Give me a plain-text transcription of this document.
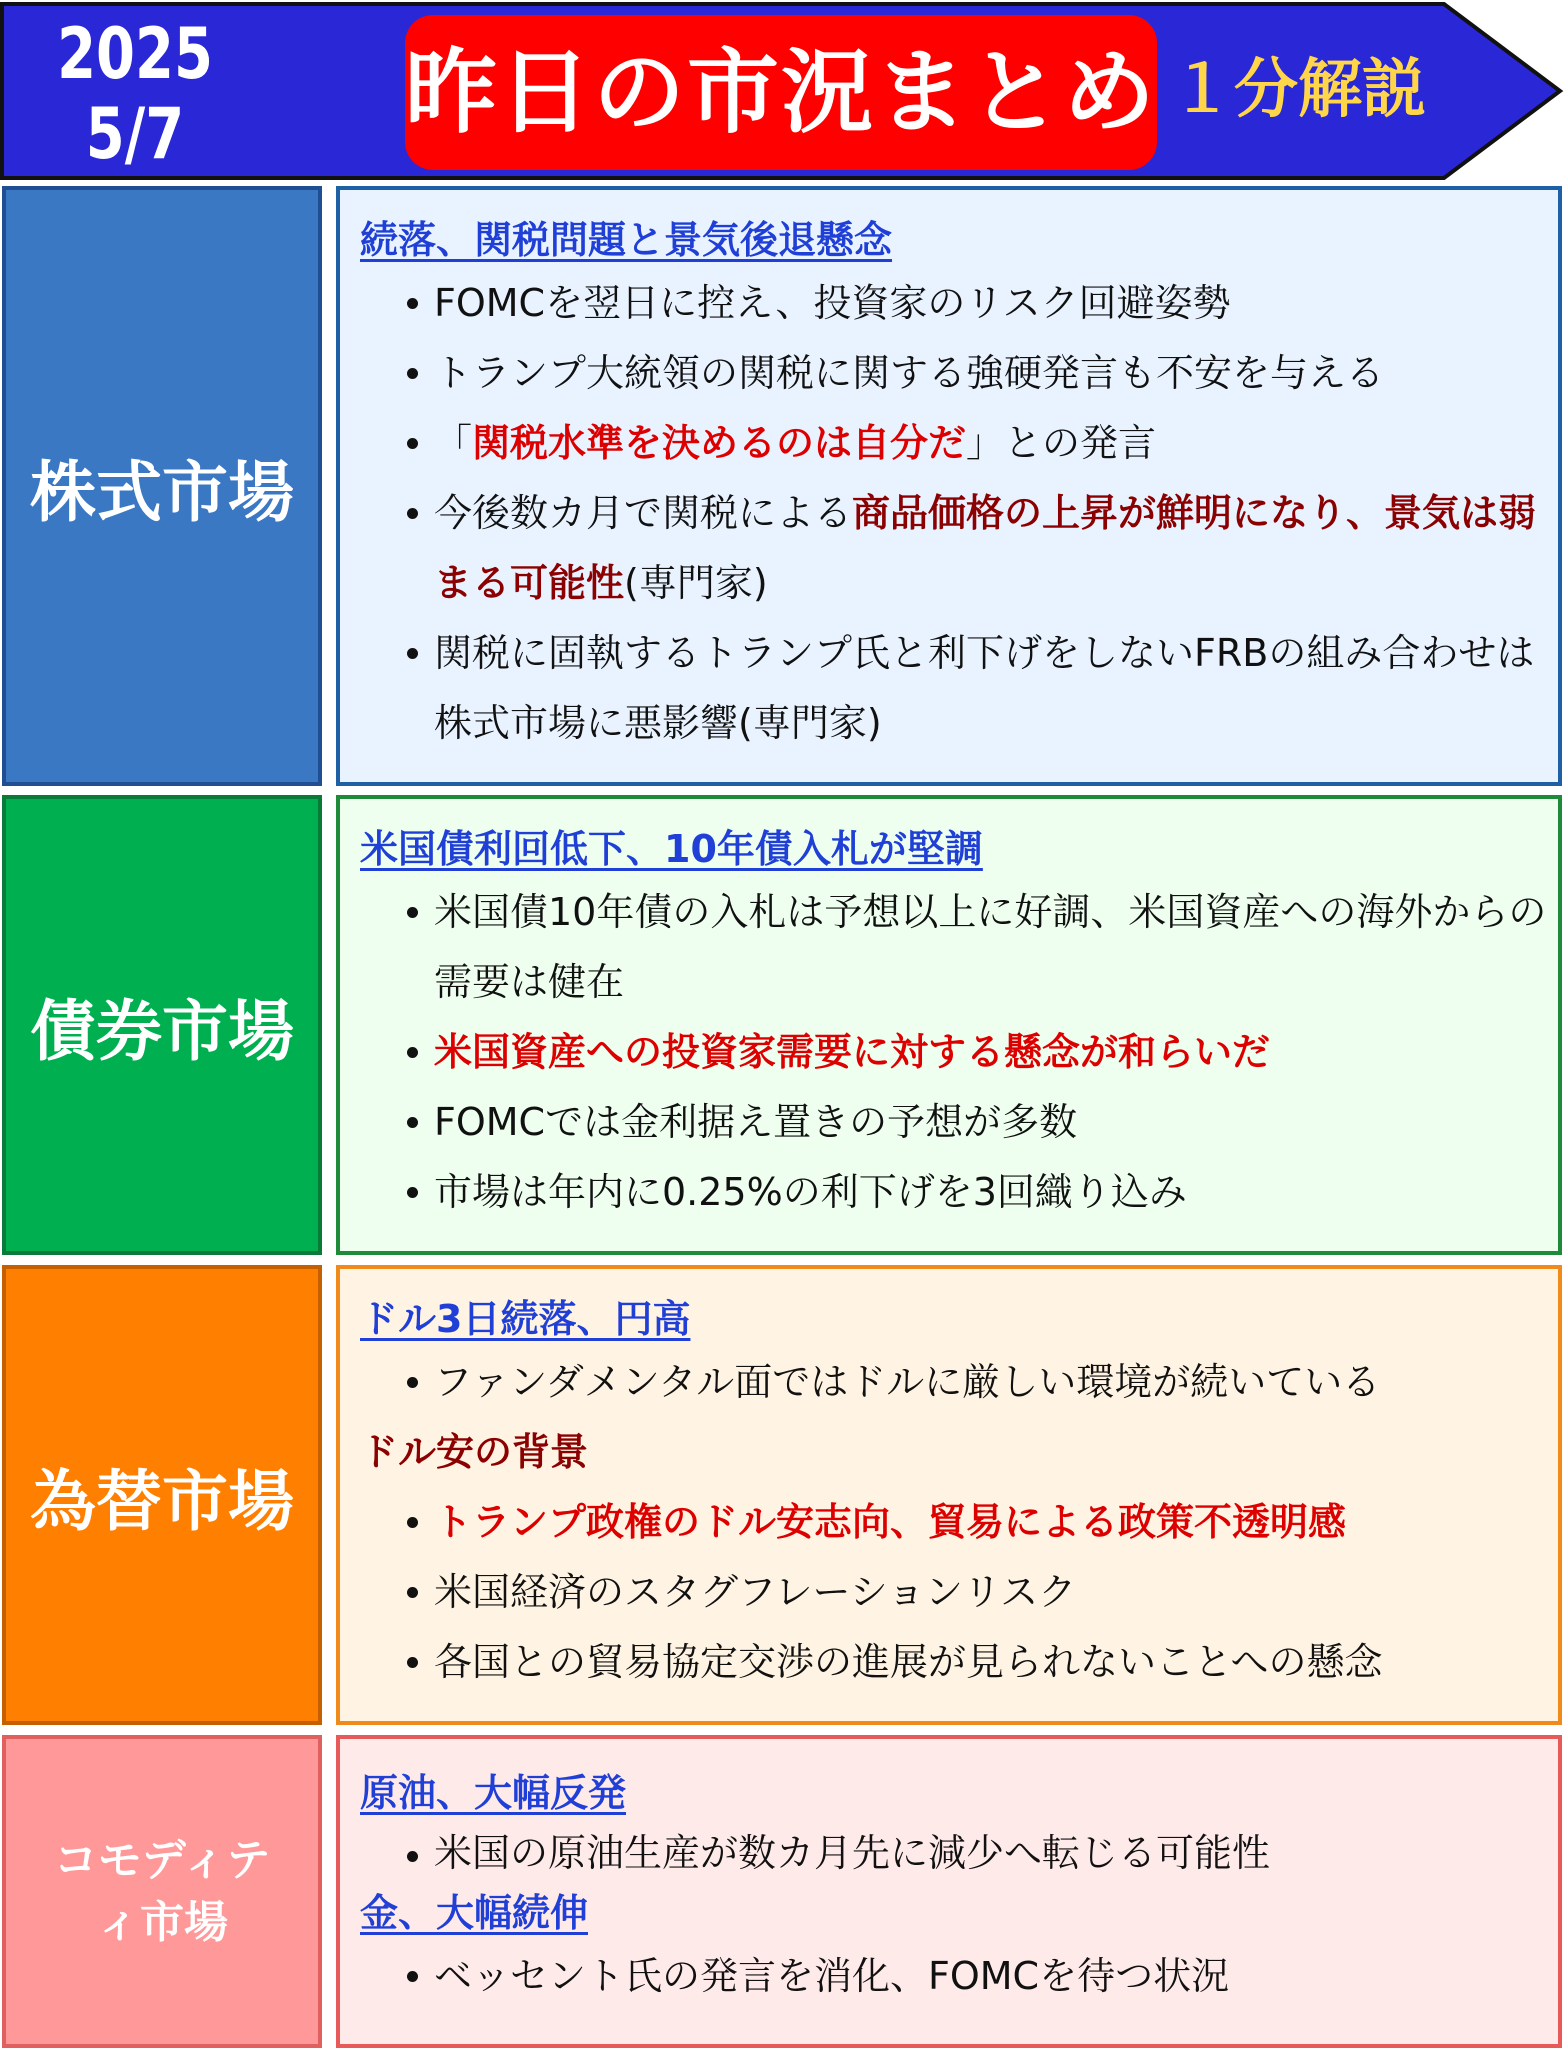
2025
5/7	昨日の市況まとめ １分解説
株式市場
続落、関税問題と景気後退懸念
FOMCを翌日に控え、投資家のリスク回避姿勢
トランプ大統領の関税に関する強硬発言も不安を与える
「関税水準を決めるのは自分だ」との発言
今後数カ月で関税による商品価格の上昇が鮮明になり、景気は弱まる可能性(専門家)
関税に固執するトランプ氏と利下げをしないFRBの組み合わせは株式市場に悪影響(専門家)
債券市場
米国債利回低下、10年債入札が堅調
米国債10年債の入札は予想以上に好調、米国資産への海外からの需要は健在
米国資産への投資家需要に対する懸念が和らいだ
FOMCでは金利据え置きの予想が多数
市場は年内に0.25%の利下げを3回織り込み
為替市場
ドル3日続落、円高
ファンダメンタル面ではドルに厳しい環境が続いている
ドル安の背景
トランプ政権のドル安志向、貿易による政策不透明感
米国経済のスタグフレーションリスク
各国との貿易協定交渉の進展が見られないことへの懸念
コモディテ
ィ市場
原油、大幅反発
米国の原油生産が数カ月先に減少へ転じる可能性
金、大幅続伸
ベッセント氏の発言を消化、FOMCを待つ状況
